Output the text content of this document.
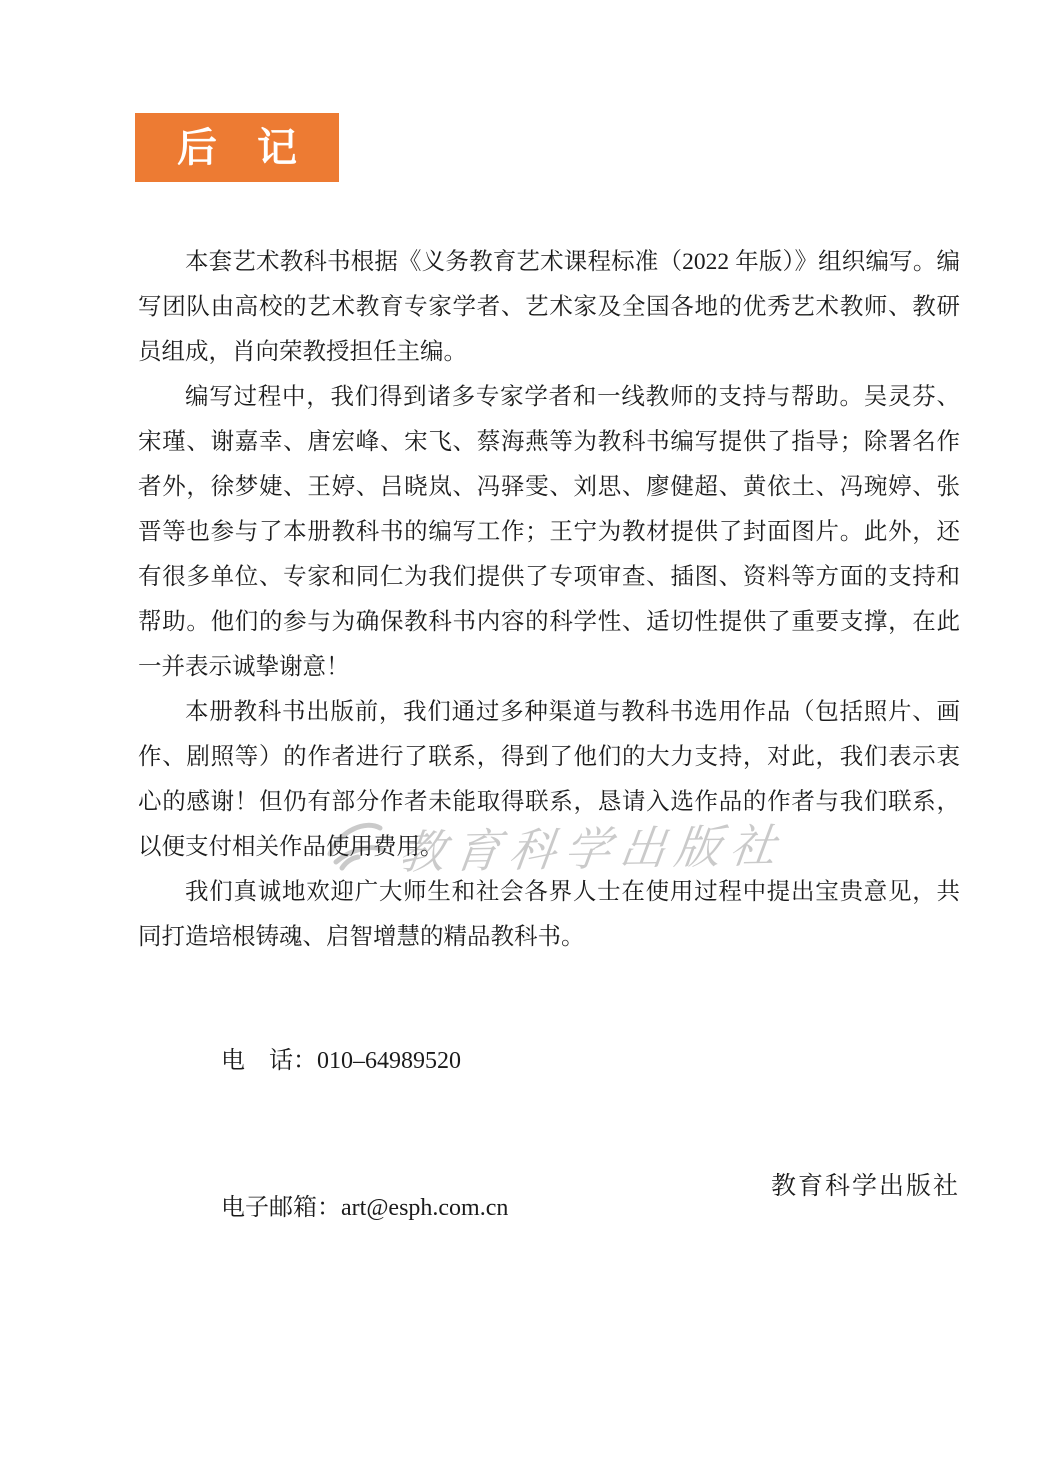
教育科学出版社
后　记

本套艺术教科书根据《义务教育艺术课程标准（2022 年版）》组织编写。编写团队由高校的艺术教育专家学者、艺术家及全国各地的优秀艺术教师、教研员组成，肖向荣教授担任主编。

编写过程中，我们得到诸多专家学者和一线教师的支持与帮助。吴灵芬、宋瑾、谢嘉幸、唐宏峰、宋飞、蔡海燕等为教科书编写提供了指导；除署名作者外，徐梦婕、王婷、吕晓岚、冯驿雯、刘思、廖健超、黄依土、冯琬婷、张晋等也参与了本册教科书的编写工作；王宁为教材提供了封面图片。此外，还有很多单位、专家和同仁为我们提供了专项审查、插图、资料等方面的支持和帮助。他们的参与为确保教科书内容的科学性、适切性提供了重要支撑，在此一并表示诚挚谢意！

本册教科书出版前，我们通过多种渠道与教科书选用作品（包括照片、画作、剧照等）的作者进行了联系，得到了他们的大力支持，对此，我们表示衷心的感谢！但仍有部分作者未能取得联系，恳请入选作品的作者与我们联系，以便支付相关作品使用费用。

我们真诚地欢迎广大师生和社会各界人士在使用过程中提出宝贵意见，共同打造培根铸魂、启智增慧的精品教科书。

电　话：010–64989520

电子邮箱：art@esph.com.cn

教育科学出版社
